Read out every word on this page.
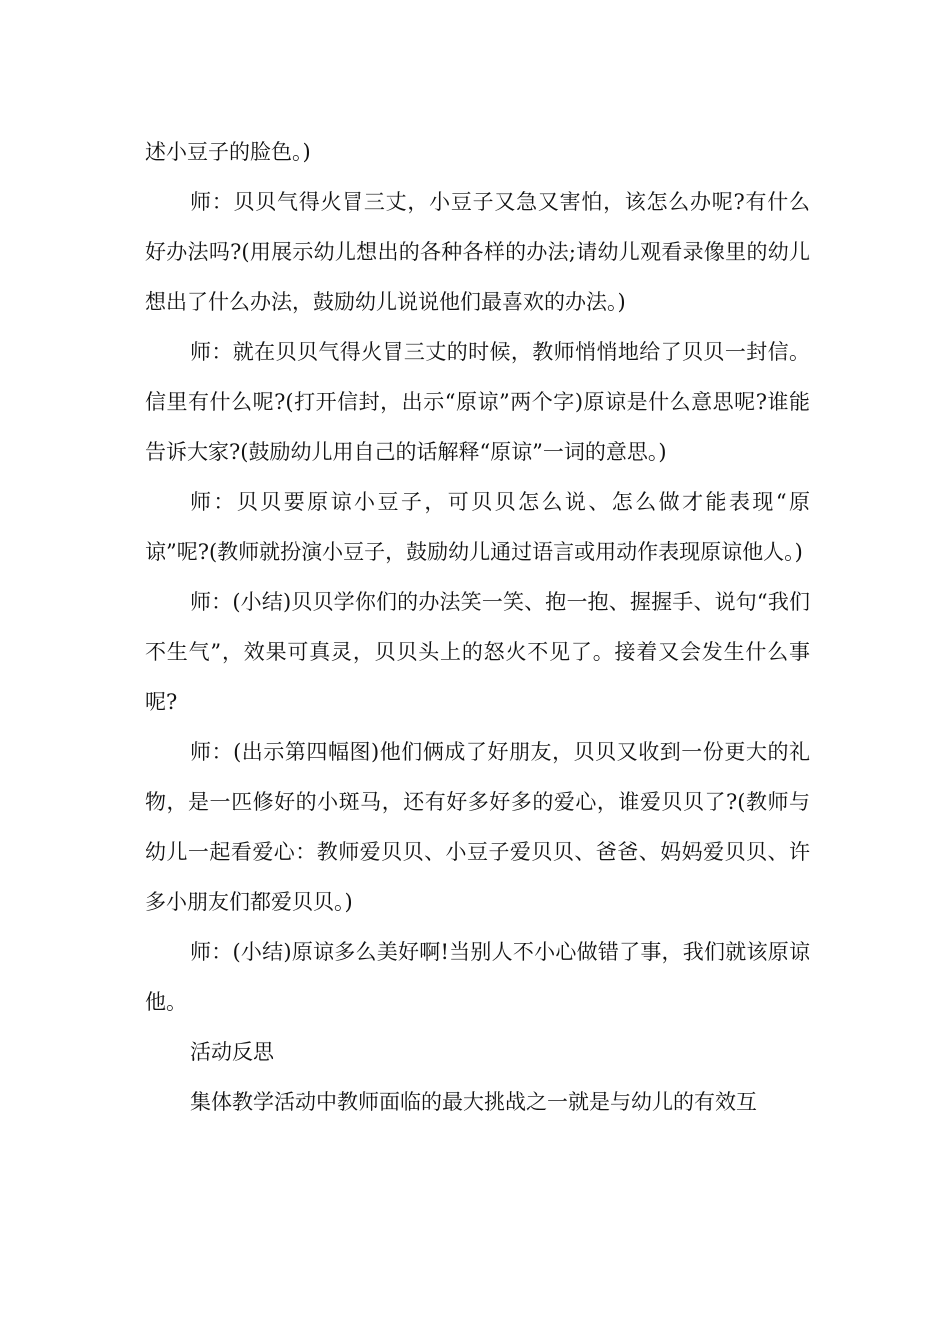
述小豆子的脸色。)

师：贝贝气得火冒三丈，小豆子又急又害怕，该怎么办呢?有什么好办法吗?(用展示幼儿想出的各种各样的办法;请幼儿观看录像里的幼儿想出了什么办法，鼓励幼儿说说他们最喜欢的办法。)

师：就在贝贝气得火冒三丈的时候，教师悄悄地给了贝贝一封信。信里有什么呢?(打开信封，出示“原谅”两个字)原谅是什么意思呢?谁能告诉大家?(鼓励幼儿用自己的话解释“原谅”一词的意思。)

师：贝贝要原谅小豆子，可贝贝怎么说、怎么做才能表现“原谅”呢?(教师就扮演小豆子，鼓励幼儿通过语言或用动作表现原谅他人。)

师：(小结)贝贝学你们的办法笑一笑、抱一抱、握握手、说句“我们不生气”，效果可真灵，贝贝头上的怒火不见了。接着又会发生什么事呢?

师：(出示第四幅图)他们俩成了好朋友，贝贝又收到一份更大的礼物，是一匹修好的小斑马，还有好多好多的爱心，谁爱贝贝了?(教师与幼儿一起看爱心：教师爱贝贝、小豆子爱贝贝、爸爸、妈妈爱贝贝、许多小朋友们都爱贝贝。)

师：(小结)原谅多么美好啊!当别人不小心做错了事，我们就该原谅他。

活动反思

集体教学活动中教师面临的最大挑战之一就是与幼儿的有效互
